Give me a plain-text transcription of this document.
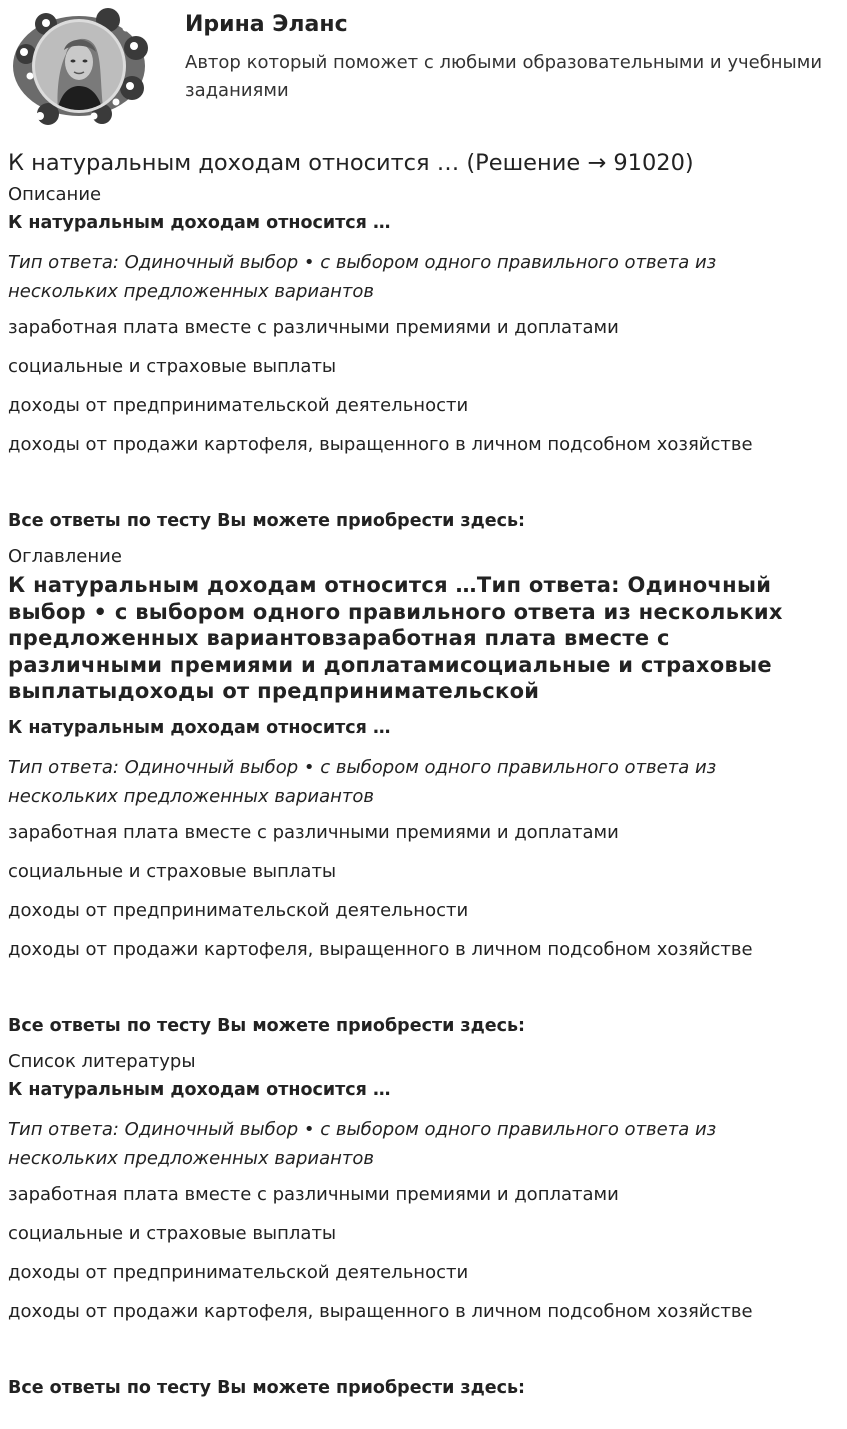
Ирина Эланс
Автор который поможет с любыми образовательными и учебными заданиями
К натуральным доходам относится … (Решение → 91020)
Описание
К натуральным доходам относится …
Тип ответа: Одиночный выбор • с выбором одного правильного ответа из нескольких предложенных вариантов
заработная плата вместе с различными премиями и доплатами
социальные и страховые выплаты
доходы от предпринимательской деятельности
доходы от продажи картофеля, выращенного в личном подсобном хозяйстве
Все ответы по тесту Вы можете приобрести здесь:
Оглавление
К натуральным доходам относится …Тип ответа: Одиночный выбор • с выбором одного правильного ответа из нескольких предложенных вариантовзаработная плата вместе с различными премиями и доплатамисоциальные и страховые выплатыдоходы от предпринимательской
К натуральным доходам относится …
Тип ответа: Одиночный выбор • с выбором одного правильного ответа из нескольких предложенных вариантов
заработная плата вместе с различными премиями и доплатами
социальные и страховые выплаты
доходы от предпринимательской деятельности
доходы от продажи картофеля, выращенного в личном подсобном хозяйстве
Все ответы по тесту Вы можете приобрести здесь:
Список литературы
К натуральным доходам относится …
Тип ответа: Одиночный выбор • с выбором одного правильного ответа из нескольких предложенных вариантов
заработная плата вместе с различными премиями и доплатами
социальные и страховые выплаты
доходы от предпринимательской деятельности
доходы от продажи картофеля, выращенного в личном подсобном хозяйстве
Все ответы по тесту Вы можете приобрести здесь:
